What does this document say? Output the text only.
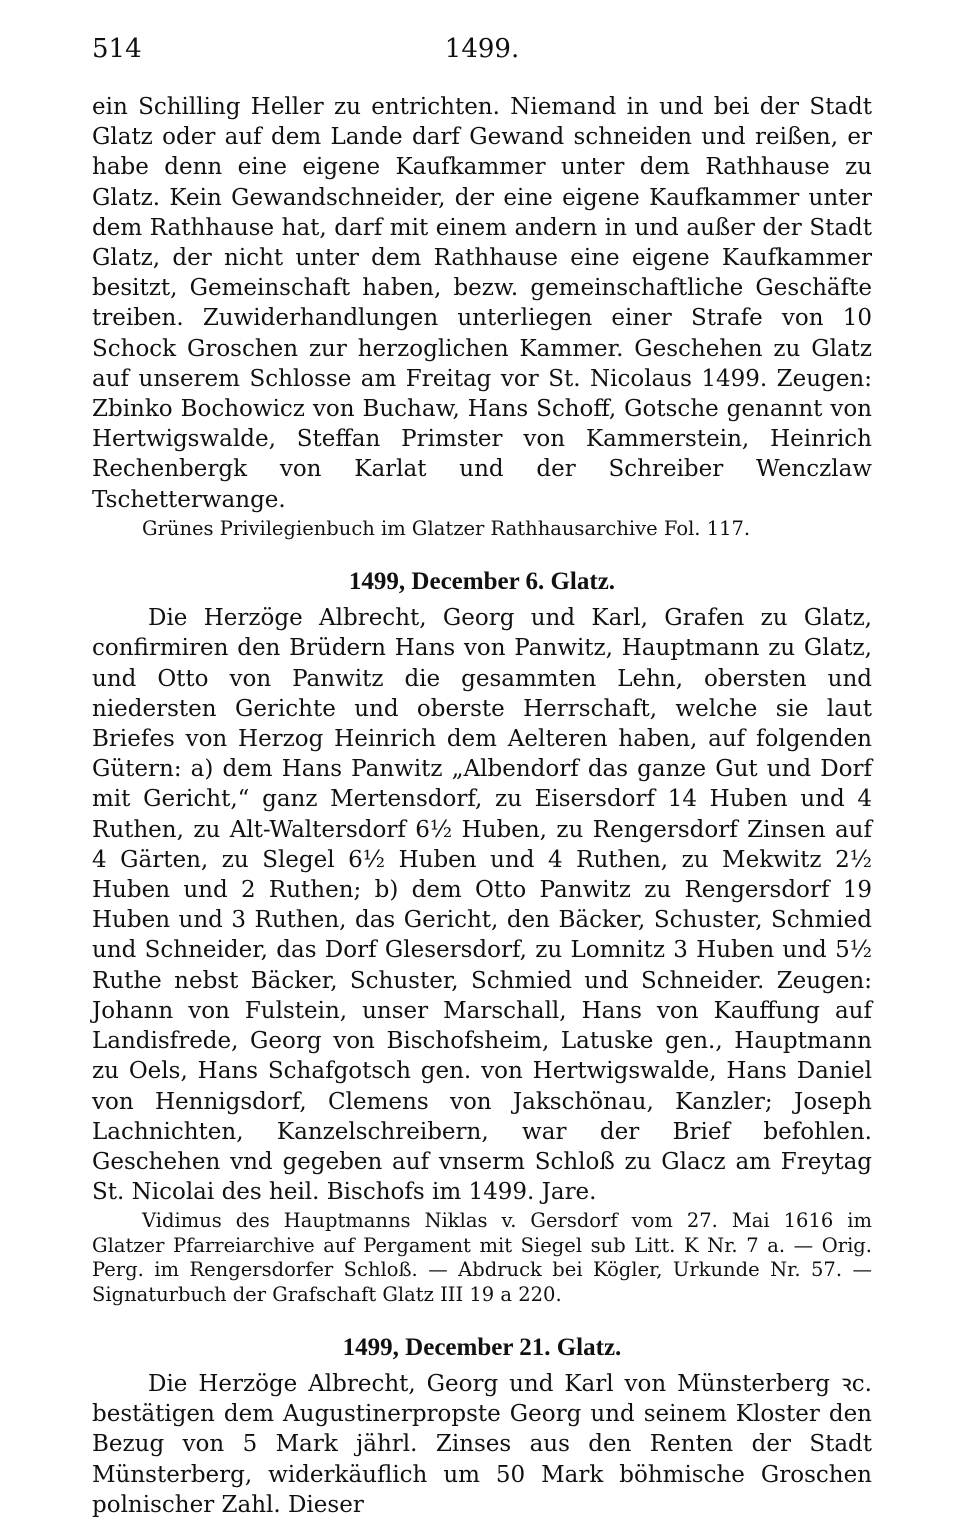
514	1499.

ein Schilling Heller zu entrichten. Niemand in und bei der Stadt Glatz oder auf dem Lande darf Gewand schneiden und reißen, er habe denn eine eigene Kaufkammer unter dem Rathhause zu Glatz. Kein Gewandschneider, der eine eigene Kaufkammer unter dem Rathhause hat, darf mit einem andern in und außer der Stadt Glatz, der nicht unter dem Rathhause eine eigene Kaufkammer besitzt, Gemeinschaft haben, bezw. gemeinschaftliche Geschäfte treiben. Zuwiderhandlungen unterliegen einer Strafe von 10 Schock Groschen zur herzoglichen Kammer. Geschehen zu Glatz auf unserem Schlosse am Freitag vor St. Nicolaus 1499. Zeugen: Zbinko Bochowicz von Buchaw, Hans Schoff, Gotsche genannt von Hertwigswalde, Steffan Primster von Kammerstein, Heinrich Rechenbergk von Karlat und der Schreiber Wenczlaw Tschetterwange.

Grünes Privilegienbuch im Glatzer Rathhausarchive Fol. 117.

1499, December 6. Glatz.

Die Herzöge Albrecht, Georg und Karl, Grafen zu Glatz, confirmiren den Brüdern Hans von Panwitz, Hauptmann zu Glatz, und Otto von Panwitz die gesammten Lehn, obersten und niedersten Gerichte und oberste Herrschaft, welche sie laut Briefes von Herzog Heinrich dem Aelteren haben, auf folgenden Gütern: a) dem Hans Panwitz „Albendorf das ganze Gut und Dorf mit Gericht,“ ganz Mertensdorf, zu Eisersdorf 14 Huben und 4 Ruthen, zu Alt-Waltersdorf 6½ Huben, zu Rengersdorf Zinsen auf 4 Gärten, zu Slegel 6½ Huben und 4 Ruthen, zu Mekwitz 2½ Huben und 2 Ruthen; b) dem Otto Panwitz zu Rengersdorf 19 Huben und 3 Ruthen, das Gericht, den Bäcker, Schuster, Schmied und Schneider, das Dorf Glesersdorf, zu Lomnitz 3 Huben und 5½ Ruthe nebst Bäcker, Schuster, Schmied und Schneider. Zeugen: Johann von Fulstein, unser Marschall, Hans von Kauffung auf Landisfrede, Georg von Bischofsheim, Latuske gen., Hauptmann zu Oels, Hans Schafgotsch gen. von Hertwigswalde, Hans Daniel von Hennigsdorf, Clemens von Jakschönau, Kanzler; Joseph Lachnichten, Kanzelschreibern, war der Brief befohlen. Geschehen vnd gegeben auf vnserm Schloß zu Glacz am Freytag St. Nicolai des heil. Bischofs im 1499. Jare.

Vidimus des Hauptmanns Niklas v. Gersdorf vom 27. Mai 1616 im Glatzer Pfarreiarchive auf Pergament mit Siegel sub Litt. K Nr. 7 a. — Orig. Perg. im Rengersdorfer Schloß. — Abdruck bei Kögler, Urkunde Nr. 57. — Signaturbuch der Grafschaft Glatz III 19 a 220.

1499, December 21. Glatz.

Die Herzöge Albrecht, Georg und Karl von Münsterberg ꝛc. bestätigen dem Augustinerpropste Georg und seinem Kloster den Bezug von 5 Mark jährl. Zinses aus den Renten der Stadt Münsterberg, widerkäuflich um 50 Mark böhmische Groschen polnischer Zahl. Dieser
